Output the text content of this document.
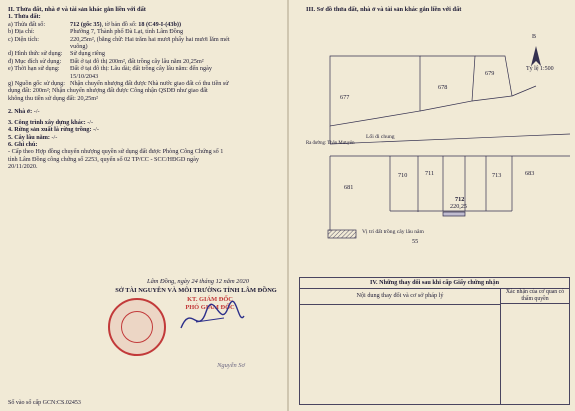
II. Thửa đất, nhà ở và tài sản khác gắn liền với đất
1. Thửa đất:
a) Thửa đất số:	712 (gốc 35), tờ bản đồ số: 18 (C49-I-(43b))
b) Địa chỉ:	Phường 7, Thành phố Đà Lạt, tỉnh Lâm Đồng
c) Diện tích:	220,25m², (bằng chữ: Hai trăm hai mươi phẩy hai mươi lăm mét
vuông)
d) Hình thức sử dụng: Sử dụng riêng
đ) Mục đích sử dụng: Đất ở tại đô thị 200m², đất trồng cây lâu năm 20,25m²
e) Thời hạn sử dụng: Đất ở tại đô thị: Lâu dài; đất trồng cây lâu năm: đến ngày
15/10/2043
g) Nguồn gốc sử dụng: Nhận chuyển nhượng đất được Nhà nước giao đất có thu tiền sử
dụng đất: 200m²; Nhận chuyển nhượng đất được Công nhận QSDĐ như giao đất
không thu tiền sử dụng đất: 20,25m²
2. Nhà ở: -/-
3. Công trình xây dựng khác: -/-
4. Rừng sản xuất là rừng trồng: -/-
5. Cây lâu năm: -/-
6. Ghi chú:
- Cấp theo Hợp đồng chuyển nhượng quyền sử dụng đất được Phòng Công Chứng số 1
tỉnh Lâm Đồng công chứng số 2253, quyển số 02 TP/CC - SCC/HĐGD ngày
20/11/2020.
Lâm Đồng, ngày 24 tháng 12 năm 2020
SỞ TÀI NGUYÊN VÀ MÔI TRƯỜNG TỈNH LÂM ĐỒNG
KT. GIÁM ĐỐC
PHÓ GIÁM ĐỐC
Nguyễn Sơ
Số vào sổ cấp GCN:CS.02453
III. Sơ đồ thửa đất, nhà ở và tài sản khác gắn liền với đất
B
Tỷ lệ 1:500
677
678
679
681
710	711	713	683
55
Lối đi chung
Ra đường: Thân Mưuyên
712
220,25
Vị trí đất trồng cây lâu năm
IV. Những thay đổi sau khi cấp Giấy chứng nhận
Nội dung thay đổi và cơ sở pháp lý	Xác nhận của cơ quan có thẩm quyền
